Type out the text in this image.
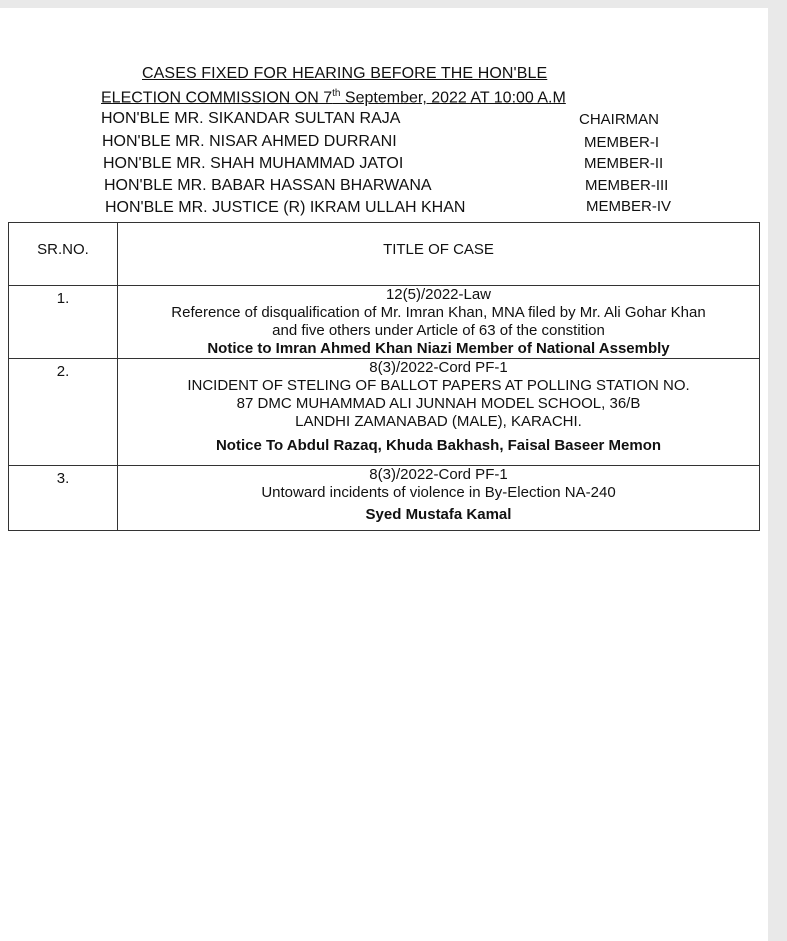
CASES FIXED FOR HEARING BEFORE THE HON'BLE
ELECTION COMMISSION ON 7th September, 2022 AT 10:00 A.M
HON'BLE MR. SIKANDAR SULTAN RAJA	CHAIRMAN
HON'BLE MR. NISAR AHMED DURRANI	MEMBER-I
HON'BLE MR. SHAH MUHAMMAD JATOI	MEMBER-II
HON'BLE MR. BABAR HASSAN BHARWANA	MEMBER-III
HON'BLE MR. JUSTICE (R) IKRAM ULLAH KHAN	MEMBER-IV
SR.NO.	TITLE OF CASE
1.	12(5)/2022-Law
Reference of disqualification of Mr. Imran Khan, MNA filed by Mr. Ali Gohar Khan
and five others under Article of 63 of the constition
Notice to Imran Ahmed Khan Niazi Member of National Assembly

2.	8(3)/2022-Cord PF-1
INCIDENT OF STELING OF BALLOT PAPERS AT POLLING STATION NO.
87 DMC MUHAMMAD ALI JUNNAH MODEL SCHOOL, 36/B
LANDHI ZAMANABAD (MALE), KARACHI.
Notice To Abdul Razaq, Khuda Bakhash, Faisal Baseer Memon

3.	8(3)/2022-Cord PF-1
Untoward incidents of violence in By-Election NA-240
Syed Mustafa Kamal
